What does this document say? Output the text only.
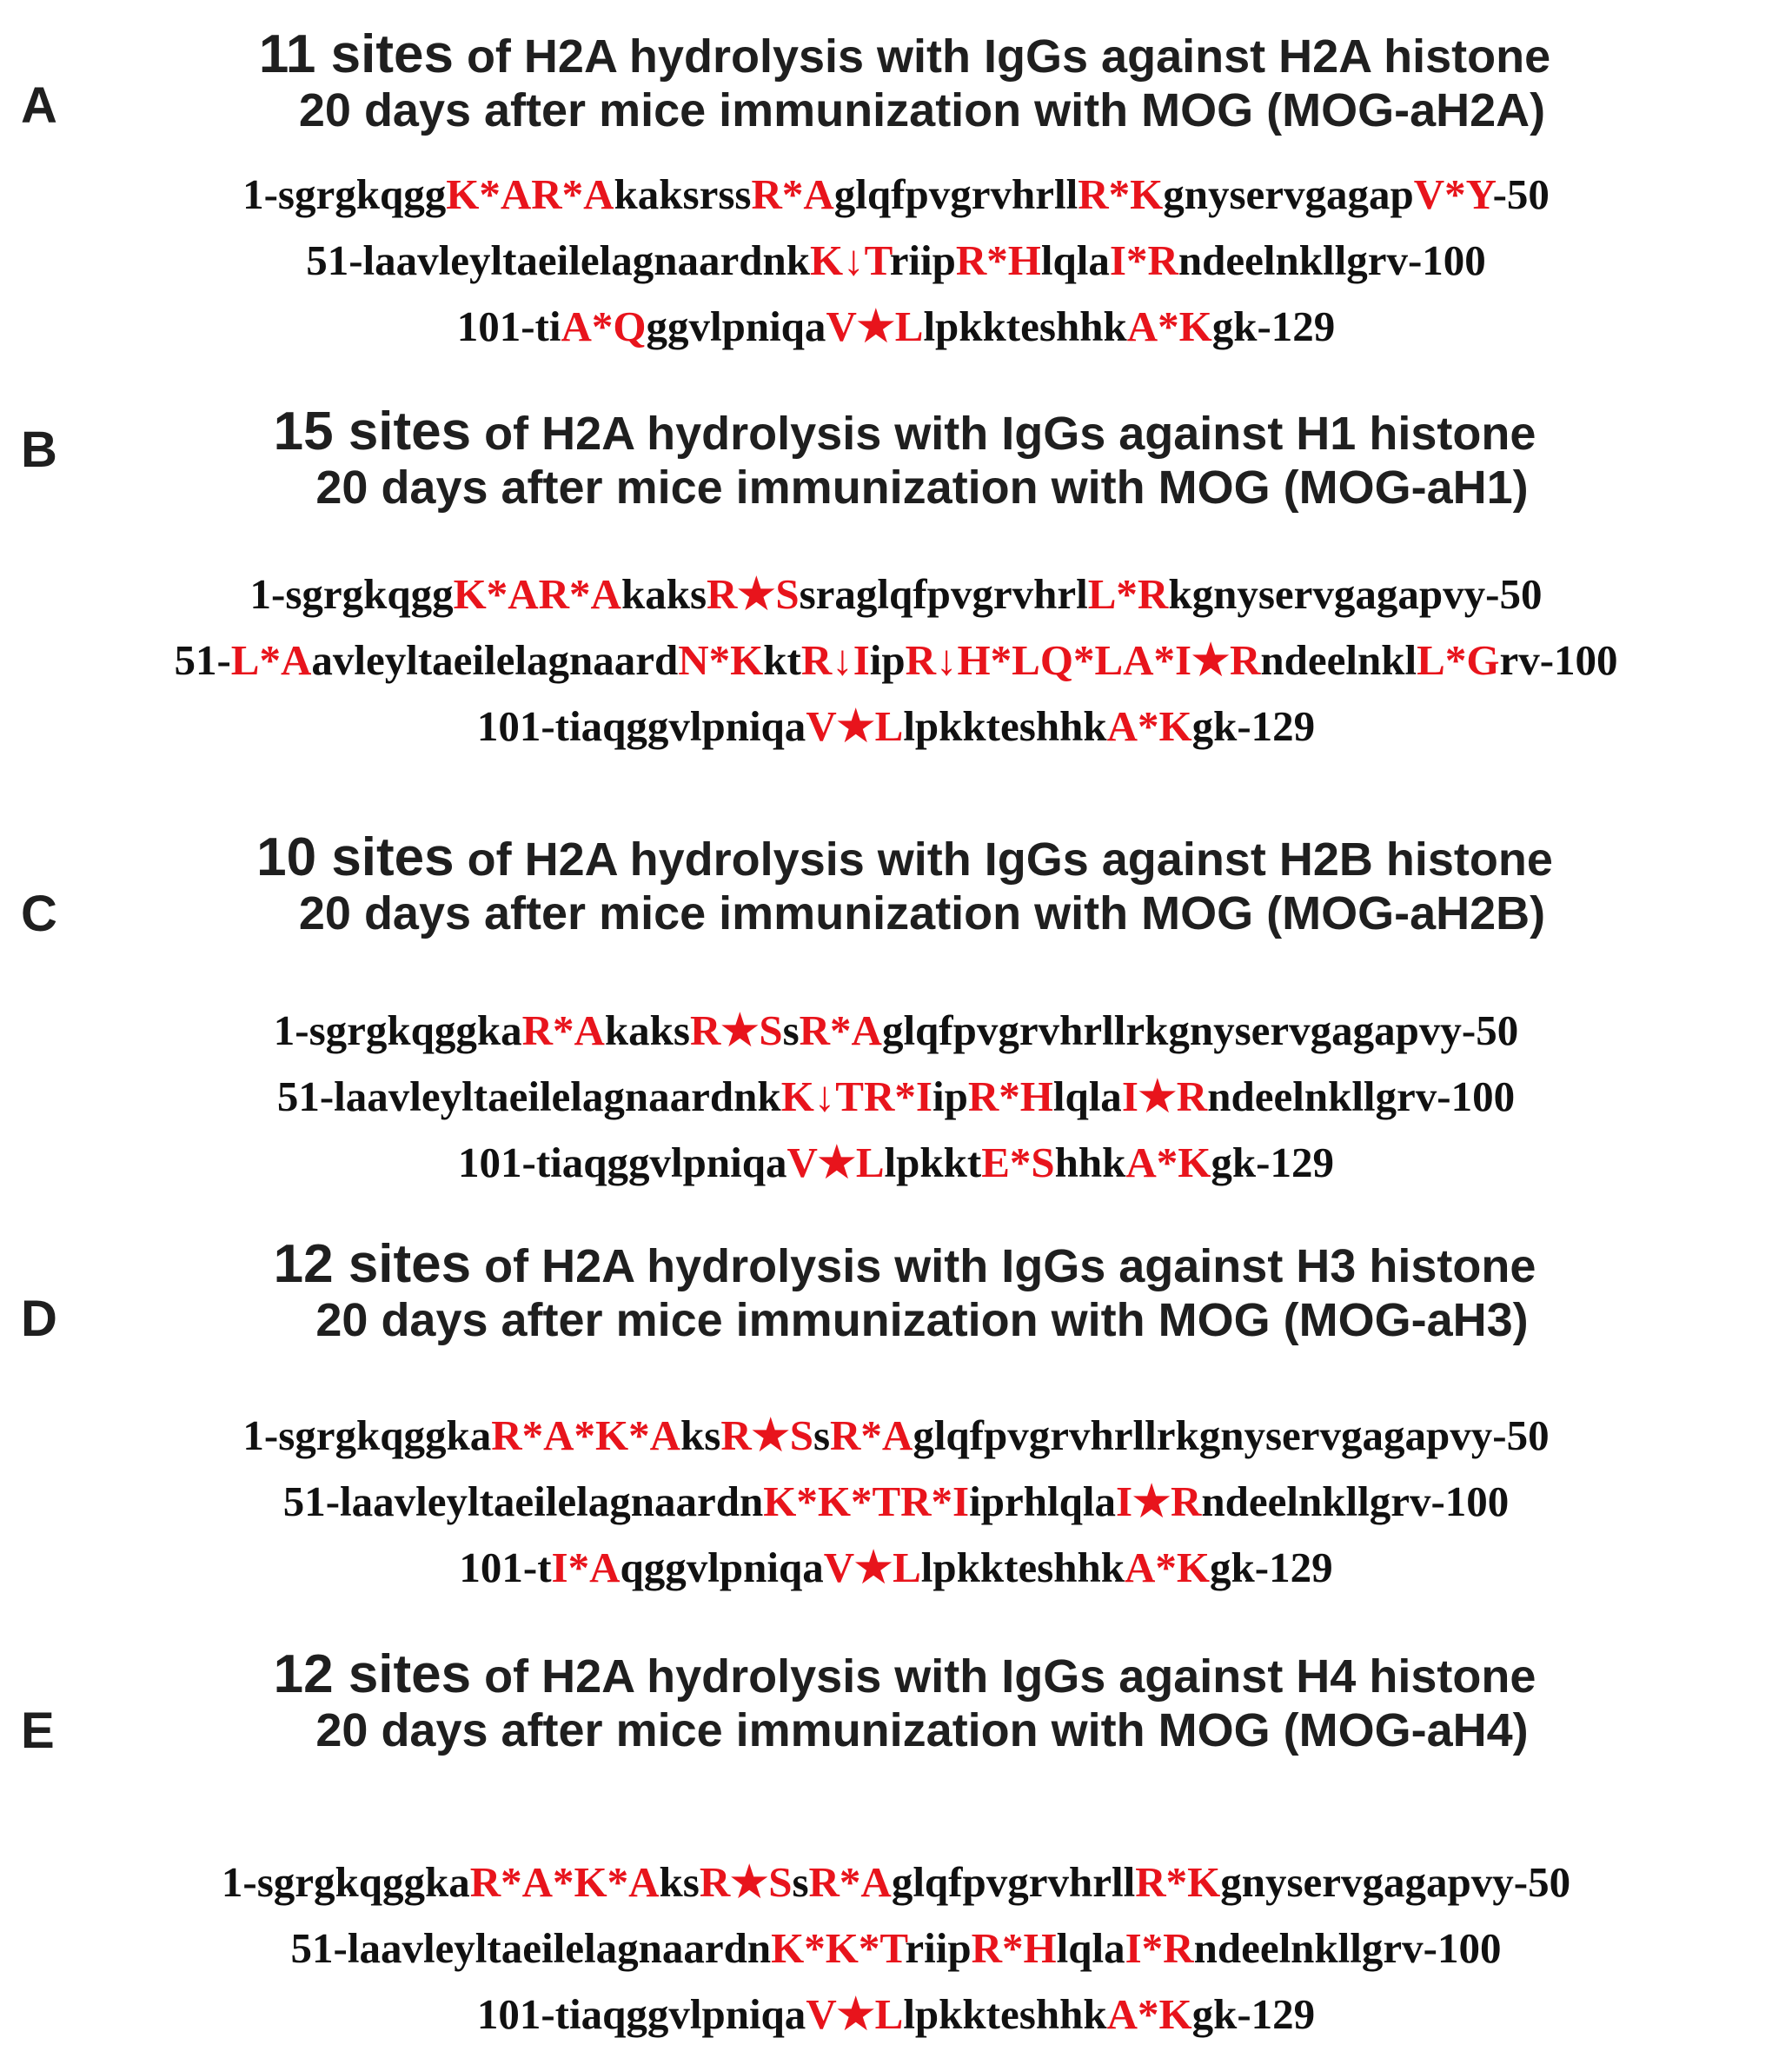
A
11 sites of H2A hydrolysis with IgGs against H2A histone
20 days after mice immunization with MOG (MOG-aH2A)
1-sgrgkqggK*AR*AkaksrssR*AglqfpvgrvhrllR*KgnyservgagapV*Y-50
51-laavleyltaeilelagnaardnkK↓TriipR*HlqlaI*Rndeelnkllgrv-100
101-tiA*QggvlpniqaV★LlpkkteshhkA*Kgk-129
B	15 sites of H2A hydrolysis with IgGs against H1 histone
20 days after mice immunization with MOG (MOG-aH1)
1-sgrgkqggK*AR*AkaksR★SsraglqfpvgrvhrlL*Rkgnyservgagapvy-50
51-L*AavleyltaeilelagnaardN*KktR↓IipR↓H*LQ*LA*I★RndeelnklL*Grv-100
101-tiaqggvlpniqaV★LlpkkteshhkA*Kgk-129
C
10 sites of H2A hydrolysis with IgGs against H2B histone
20 days after mice immunization with MOG (MOG-aH2B)
1-sgrgkqggkaR*AkaksR★SsR*Aglqfpvgrvhrllrkgnyservgagapvy-50
51-laavleyltaeilelagnaardnkK↓TR*IipR*HlqlaI★Rndeelnkllgrv-100
101-tiaqggvlpniqaV★LlpkktE*ShhkA*Kgk-129
D
12 sites of H2A hydrolysis with IgGs against H3 histone
20 days after mice immunization with MOG (MOG-aH3)
1-sgrgkqggkaR*A*K*AksR★SsR*Aglqfpvgrvhrllrkgnyservgagapvy-50
51-laavleyltaeilelagnaardnK*K*TR*IiprhlqlaI★Rndeelnkllgrv-100
101-tI*AqggvlpniqaV★LlpkkteshhkA*Kgk-129
E
12 sites of H2A hydrolysis with IgGs against H4 histone
20 days after mice immunization with MOG (MOG-aH4)
1-sgrgkqggkaR*A*K*AksR★SsR*AglqfpvgrvhrllR*Kgnyservgagapvy-50
51-laavleyltaeilelagnaardnK*K*TriipR*HlqlaI*Rndeelnkllgrv-100
101-tiaqggvlpniqaV★LlpkkteshhkA*Kgk-129
